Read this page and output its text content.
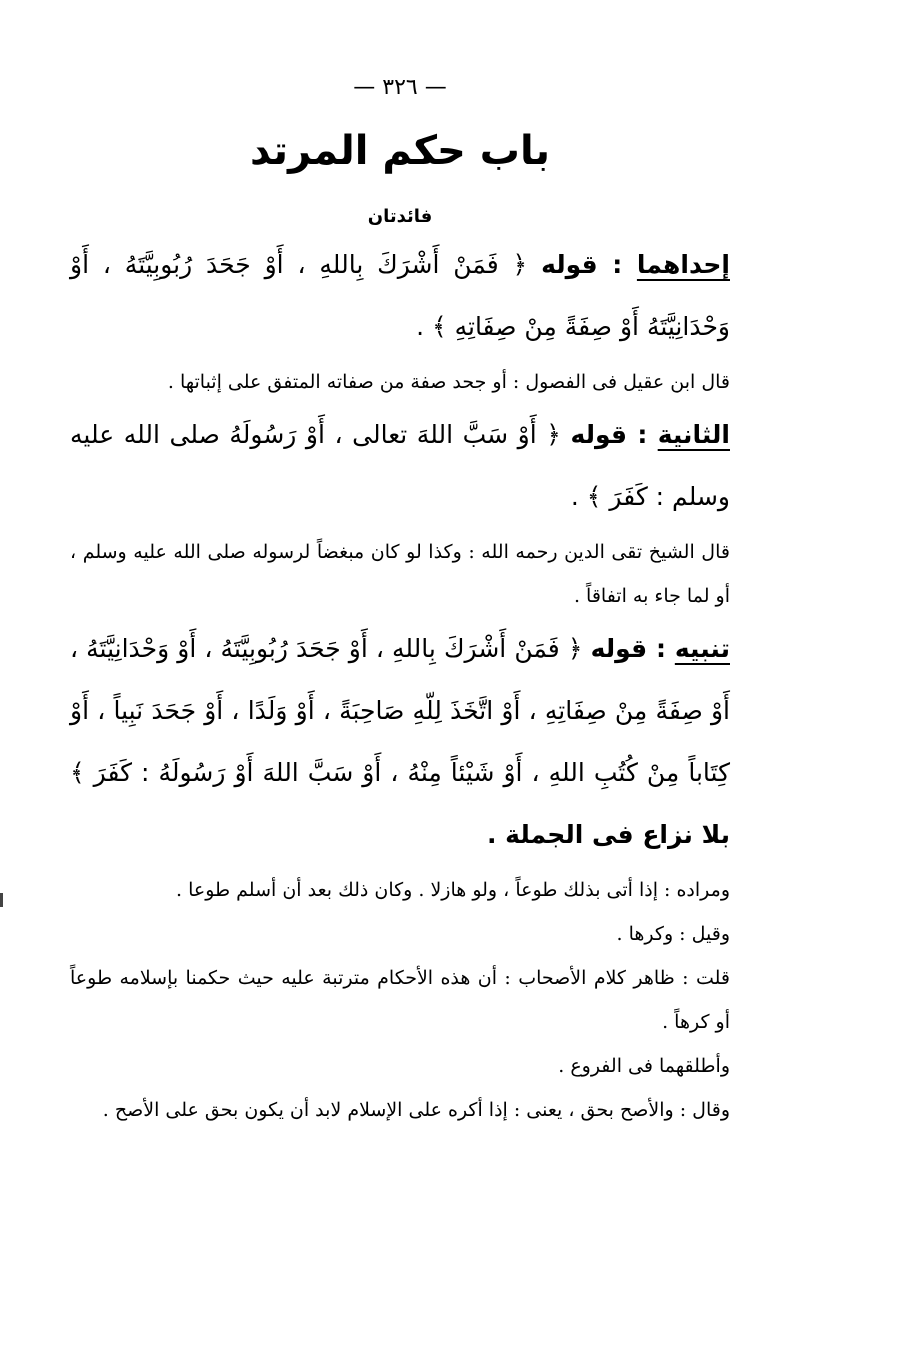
— ٣٢٦ —
باب حكم المرتد
فائدتان
إحداهما : قوله ﴿ فَمَنْ أَشْرَكَ بِاللهِ ، أَوْ جَحَدَ رُبُوبِيَّتَهُ ، أَوْ وَحْدَانِيَّتَهُ أَوْ صِفَةً مِنْ صِفَاتِهِ ﴾ .
قال ابن عقيل فى الفصول : أو جحد صفة من صفاته المتفق على إثباتها .
الثانية : قوله ﴿ أَوْ سَبَّ اللهَ تعالى ، أَوْ رَسُولَهُ صلى الله عليه وسلم : كَفَرَ ﴾ .
قال الشيخ تقى الدين رحمه الله : وكذا لو كان مبغضاً لرسوله صلى الله عليه وسلم ، أو لما جاء به اتفاقاً .
تنبيه : قوله ﴿ فَمَنْ أَشْرَكَ بِاللهِ ، أَوْ جَحَدَ رُبُوبِيَّتَهُ ، أَوْ وَحْدَانِيَّتَهُ ، أَوْ صِفَةً مِنْ صِفَاتِهِ ، أَوْ اتَّخَذَ لِلّهِ صَاحِبَةً ، أَوْ وَلَدًا ، أَوْ جَحَدَ نَبِياً ، أَوْ كِتَاباً مِنْ كُتُبِ اللهِ ، أَوْ شَيْئاً مِنْهُ ، أَوْ سَبَّ اللهَ أَوْ رَسُولَهُ : كَفَرَ ﴾ بلا نزاع فى الجملة .
ومراده : إذا أتى بذلك طوعاً ، ولو هازلا . وكان ذلك بعد أن أسلم طوعا .
وقيل : وكرها .
قلت : ظاهر كلام الأصحاب : أن هذه الأحكام مترتبة عليه حيث حكمنا بإسلامه طوعاً أو كرهاً .
وأطلقهما فى الفروع .
وقال : والأصح بحق ، يعنى : إذا أكره على الإسلام لابد أن يكون بحق على الأصح .
